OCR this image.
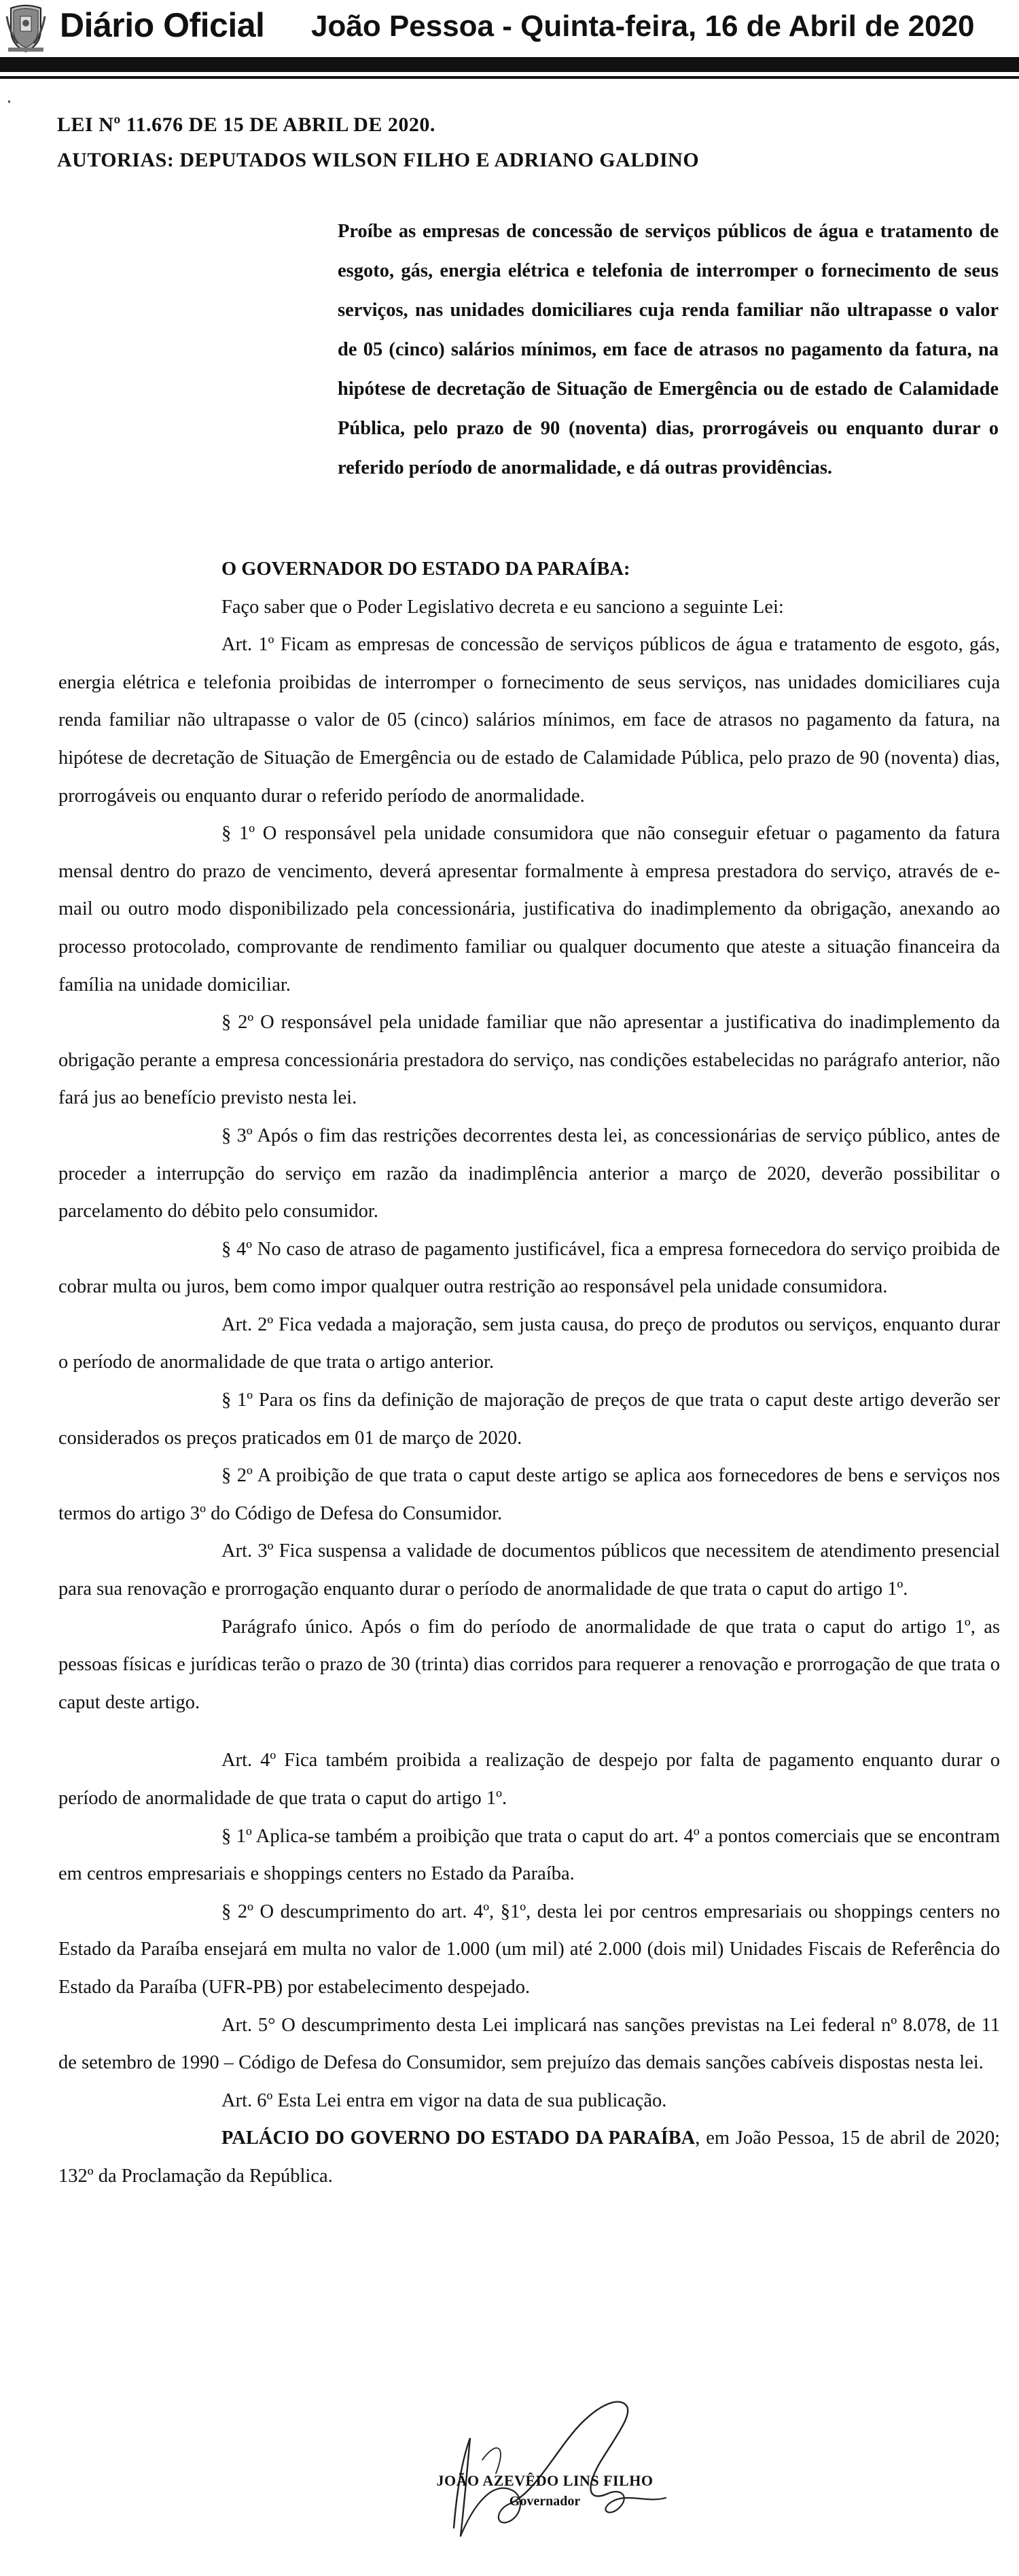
Diário Oficial João Pessoa - Quinta-feira, 16 de Abril de 2020
LEI Nº 11.676 DE 15 DE ABRIL DE 2020.
AUTORIAS: DEPUTADOS WILSON FILHO E ADRIANO GALDINO
Proíbe as empresas de concessão de serviços públicos de água e tratamento de esgoto, gás, energia elétrica e telefonia de interromper o fornecimento de seus serviços, nas unidades domiciliares cuja renda familiar não ultrapasse o valor de 05 (cinco) salários mínimos, em face de atrasos no pagamento da fatura, na hipótese de decretação de Situação de Emergência ou de estado de Calamidade Pública, pelo prazo de 90 (noventa) dias, prorrogáveis ou enquanto durar o referido período de anormalidade, e dá outras providências.

O GOVERNADOR DO ESTADO DA PARAÍBA:

Faço saber que o Poder Legislativo decreta e eu sanciono a seguinte Lei:

Art. 1º Ficam as empresas de concessão de serviços públicos de água e tratamento de esgoto, gás, energia elétrica e telefonia proibidas de interromper o fornecimento de seus serviços, nas unidades domiciliares cuja renda familiar não ultrapasse o valor de 05 (cinco) salários mínimos, em face de atrasos no pagamento da fatura, na hipótese de decretação de Situação de Emergência ou de estado de Calamidade Pública, pelo prazo de 90 (noventa) dias, prorrogáveis ou enquanto durar o referido período de anormalidade.

§ 1º O responsável pela unidade consumidora que não conseguir efetuar o pagamento da fatura mensal dentro do prazo de vencimento, deverá apresentar formalmente à empresa prestadora do serviço, através de e-mail ou outro modo disponibilizado pela concessionária, justificativa do inadimplemento da obrigação, anexando ao processo protocolado, comprovante de rendimento familiar ou qualquer documento que ateste a situação financeira da família na unidade domiciliar.

§ 2º O responsável pela unidade familiar que não apresentar a justificativa do inadimplemento da obrigação perante a empresa concessionária prestadora do serviço, nas condições estabelecidas no parágrafo anterior, não fará jus ao benefício previsto nesta lei.

§ 3º Após o fim das restrições decorrentes desta lei, as concessionárias de serviço público, antes de proceder a interrupção do serviço em razão da inadimplência anterior a março de 2020, deverão possibilitar o parcelamento do débito pelo consumidor.

§ 4º No caso de atraso de pagamento justificável, fica a empresa fornecedora do serviço proibida de cobrar multa ou juros, bem como impor qualquer outra restrição ao responsável pela unidade consumidora.

Art. 2º Fica vedada a majoração, sem justa causa, do preço de produtos ou serviços, enquanto durar o período de anormalidade de que trata o artigo anterior.

§ 1º Para os fins da definição de majoração de preços de que trata o caput deste artigo deverão ser considerados os preços praticados em 01 de março de 2020.

§ 2º A proibição de que trata o caput deste artigo se aplica aos fornecedores de bens e serviços nos termos do artigo 3º do Código de Defesa do Consumidor.

Art. 3º Fica suspensa a validade de documentos públicos que necessitem de atendimento presencial para sua renovação e prorrogação enquanto durar o período de anormalidade de que trata o caput do artigo 1º.

Parágrafo único. Após o fim do período de anormalidade de que trata o caput do artigo 1º, as pessoas físicas e jurídicas terão o prazo de 30 (trinta) dias corridos para requerer a renovação e prorrogação de que trata o caput deste artigo.

Art. 4º Fica também proibida a realização de despejo por falta de pagamento enquanto durar o período de anormalidade de que trata o caput do artigo 1º.

§ 1º Aplica-se também a proibição que trata o caput do art. 4º a pontos comerciais que se encontram em centros empresariais e shoppings centers no Estado da Paraíba.

§ 2º O descumprimento do art. 4º, §1º, desta lei por centros empresariais ou shoppings centers no Estado da Paraíba ensejará em multa no valor de 1.000 (um mil) até 2.000 (dois mil) Unidades Fiscais de Referência do Estado da Paraíba (UFR-PB) por estabelecimento despejado.

Art. 5° O descumprimento desta Lei implicará nas sanções previstas na Lei federal nº 8.078, de 11 de setembro de 1990 – Código de Defesa do Consumidor, sem prejuízo das demais sanções cabíveis dispostas nesta lei.

Art. 6º Esta Lei entra em vigor na data de sua publicação.

PALÁCIO DO GOVERNO DO ESTADO DA PARAÍBA, em João Pessoa, 15 de abril de 2020; 132º da Proclamação da República.

JOÃO AZEVÊDO LINS FILHO
Governador
